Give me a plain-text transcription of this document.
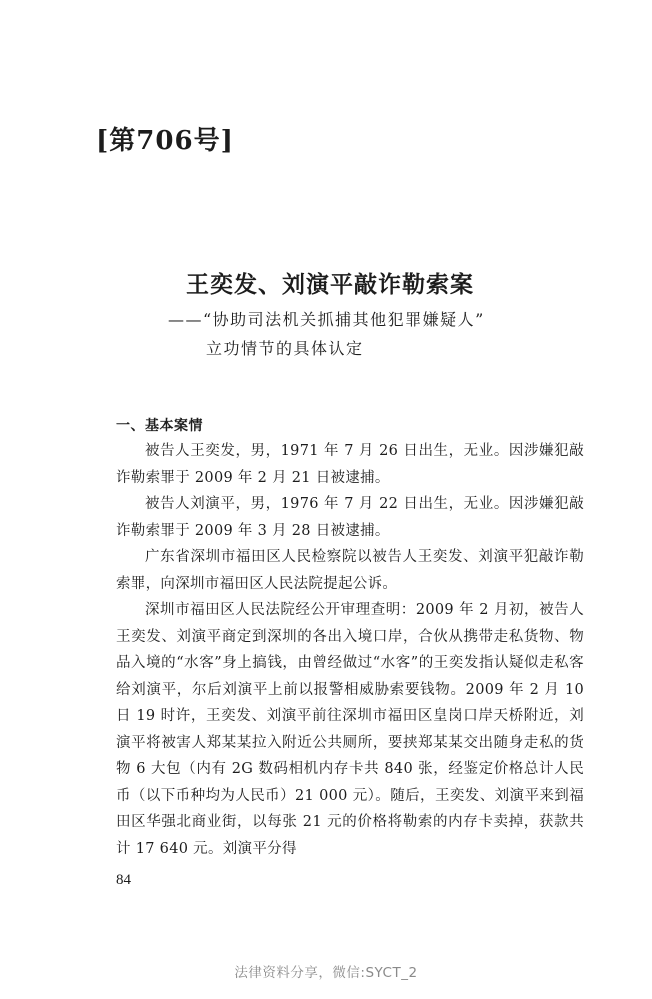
[第706号]
王奕发、刘演平敲诈勒索案
——“协助司法机关抓捕其他犯罪嫌疑人”
立功情节的具体认定
一、基本案情

被告人王奕发，男，1971 年 7 月 26 日出生，无业。因涉嫌犯敲诈勒索罪于 2009 年 2 月 21 日被逮捕。

被告人刘演平，男，1976 年 7 月 22 日出生，无业。因涉嫌犯敲诈勒索罪于 2009 年 3 月 28 日被逮捕。

广东省深圳市福田区人民检察院以被告人王奕发、刘演平犯敲诈勒索罪，向深圳市福田区人民法院提起公诉。

深圳市福田区人民法院经公开审理查明：2009 年 2 月初，被告人王奕发、刘演平商定到深圳的各出入境口岸，合伙从携带走私货物、物品入境的“水客”身上搞钱，由曾经做过“水客”的王奕发指认疑似走私客给刘演平，尔后刘演平上前以报警相威胁索要钱物。2009 年 2 月 10 日 19 时许，王奕发、刘演平前往深圳市福田区皇岗口岸天桥附近，刘演平将被害人郑某某拉入附近公共厕所，要挟郑某某交出随身走私的货物 6 大包（内有 2G 数码相机内存卡共 840 张，经鉴定价格总计人民币（以下币种均为人民币）21 000 元）。随后，王奕发、刘演平来到福田区华强北商业街，以每张 21 元的价格将勒索的内存卡卖掉，获款共计 17 640 元。刘演平分得

84
法律资料分享，微信:SYCT_2
